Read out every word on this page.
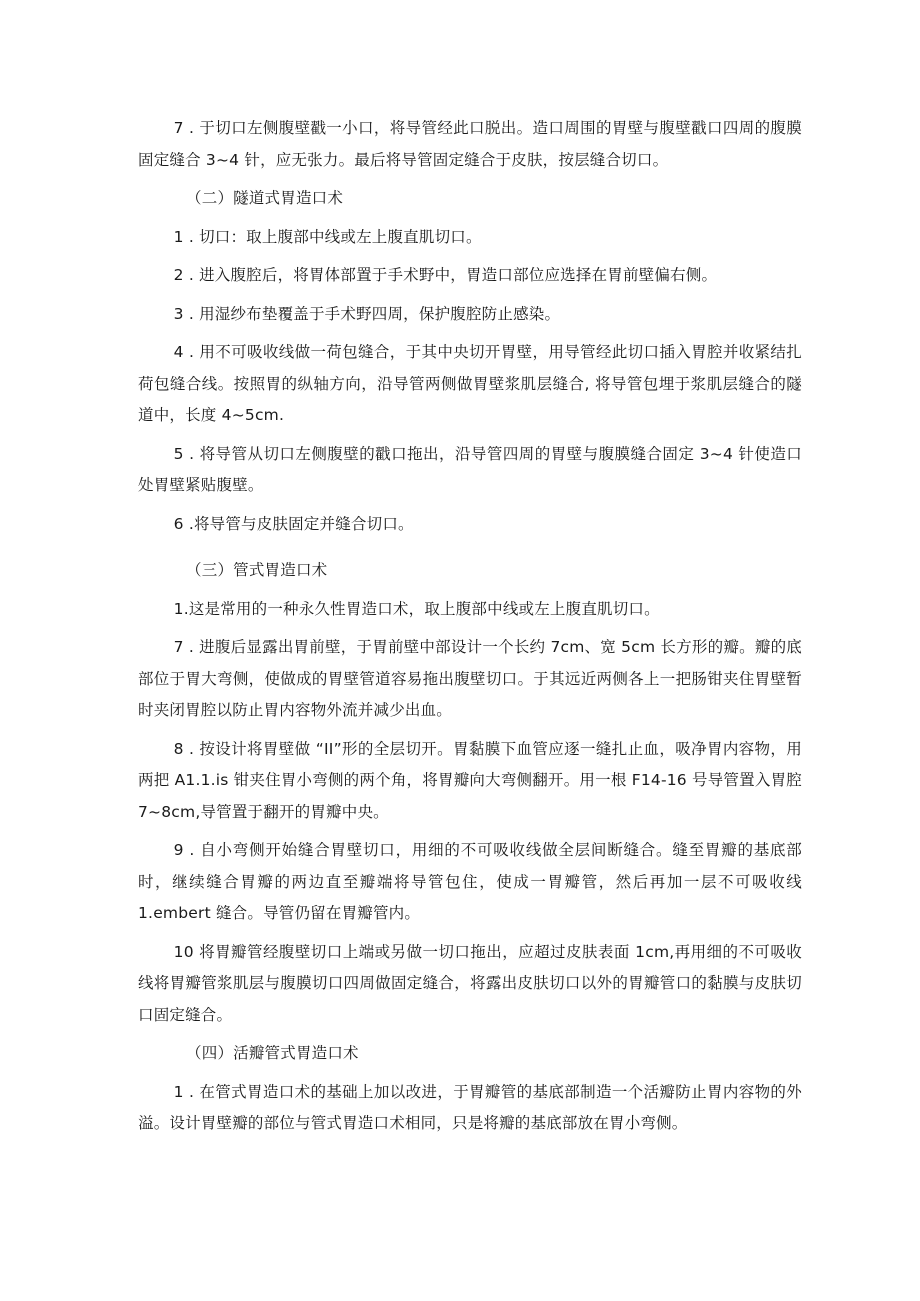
7 . 于切口左侧腹壁戳一小口，将导管经此口脱出。造口周围的胃壁与腹壁戳口四周的腹膜固定缝合 3~4 针，应无张力。最后将导管固定缝合于皮肤，按层缝合切口。

（二）隧道式胃造口术

1 . 切口：取上腹部中线或左上腹直肌切口。

2 . 进入腹腔后，将胃体部置于手术野中，胃造口部位应选择在胃前壁偏右侧。

3 . 用湿纱布垫覆盖于手术野四周，保护腹腔防止感染。

4 . 用不可吸收线做一荷包缝合，于其中央切开胃壁，用导管经此切口插入胃腔并收紧结扎荷包缝合线。按照胃的纵轴方向，沿导管两侧做胃壁浆肌层缝合, 将导管包埋于浆肌层缝合的隧道中，长度 4~5cm.

5 . 将导管从切口左侧腹壁的戳口拖出，沿导管四周的胃壁与腹膜缝合固定 3~4 针使造口处胃壁紧贴腹壁。

6 .将导管与皮肤固定并缝合切口。

（三）管式胃造口术

1.这是常用的一种永久性胃造口术，取上腹部中线或左上腹直肌切口。

7 . 进腹后显露出胃前壁，于胃前壁中部设计一个长约 7cm、宽 5cm 长方形的瓣。瓣的底部位于胃大弯侧，使做成的胃壁管道容易拖出腹壁切口。于其远近两侧各上一把肠钳夹住胃壁暂时夹闭胃腔以防止胃内容物外流并减少出血。

8 . 按设计将胃壁做 “II”形的全层切开。胃黏膜下血管应逐一缝扎止血，吸净胃内容物，用两把 A1.1.is 钳夹住胃小弯侧的两个角，将胃瓣向大弯侧翻开。用一根 F14-16 号导管置入胃腔 7~8cm,导管置于翻开的胃瓣中央。

9 . 自小弯侧开始缝合胃壁切口，用细的不可吸收线做全层间断缝合。缝至胃瓣的基底部时，继续缝合胃瓣的两边直至瓣端将导管包住，使成一胃瓣管，然后再加一层不可吸收线 1.embert 缝合。导管仍留在胃瓣管内。

10 将胃瓣管经腹壁切口上端或另做一切口拖出，应超过皮肤表面 1cm,再用细的不可吸收线将胃瓣管浆肌层与腹膜切口四周做固定缝合，将露出皮肤切口以外的胃瓣管口的黏膜与皮肤切口固定缝合。

（四）活瓣管式胃造口术

1 . 在管式胃造口术的基础上加以改进，于胃瓣管的基底部制造一个活瓣防止胃内容物的外溢。设计胃壁瓣的部位与管式胃造口术相同，只是将瓣的基底部放在胃小弯侧。
